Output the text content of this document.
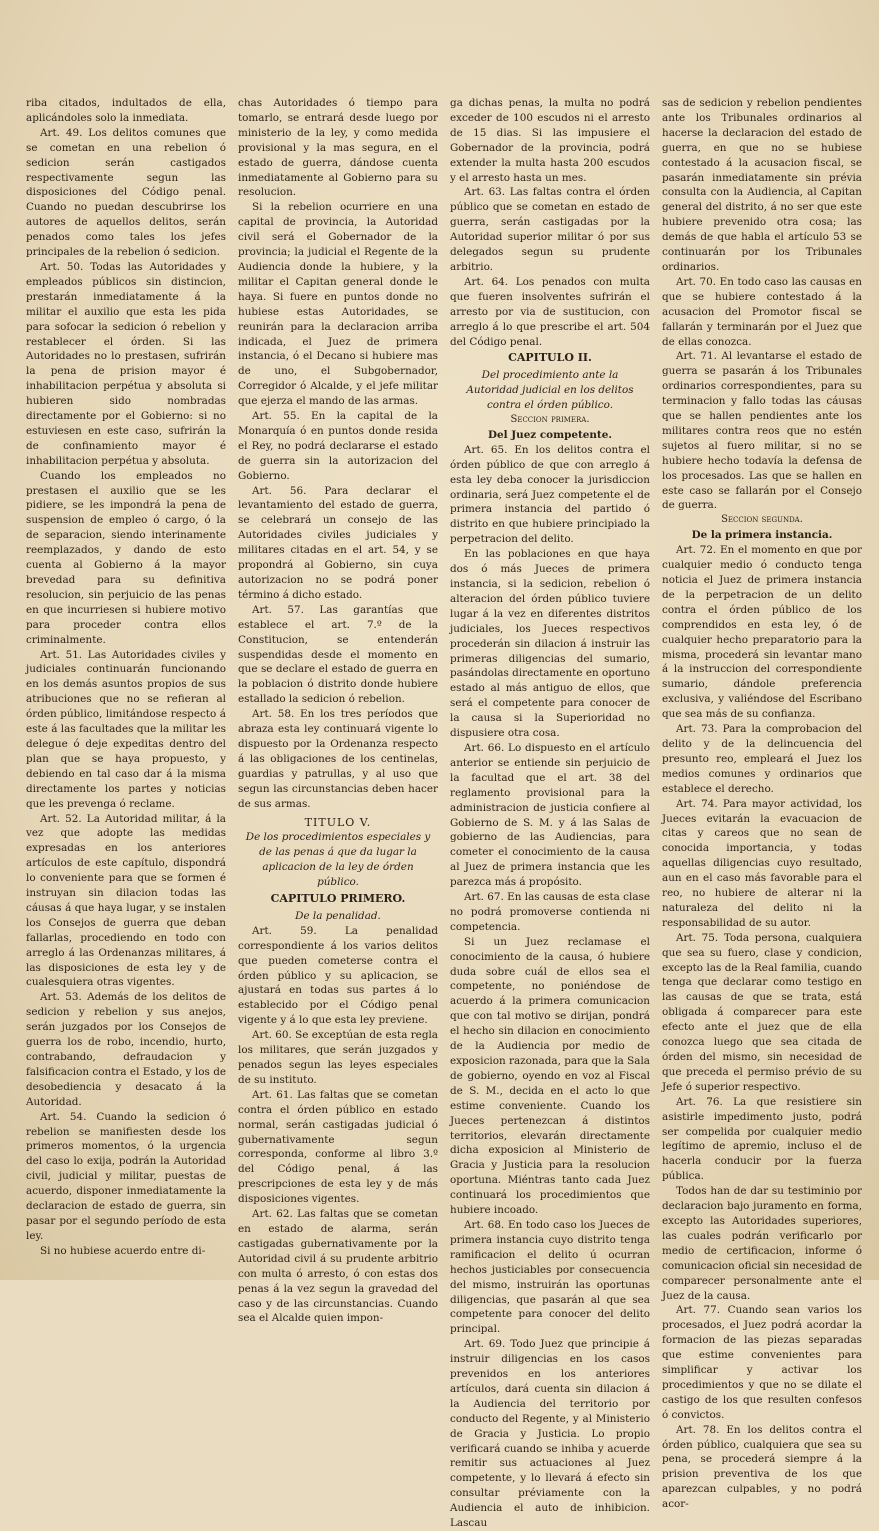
riba citados, indultados de ella, aplicándoles solo la inmediata.

Art. 49. Los delitos comunes que se cometan en una rebelion ó sedicion serán castigados respectivamente segun las disposiciones del Código penal. Cuando no puedan descubrirse los autores de aquellos delitos, serán penados como tales los jefes principales de la rebelion ó sedicion.

Art. 50. Todas las Autoridades y empleados públicos sin distincion, prestarán inmediatamente á la militar el auxilio que esta les pida para sofocar la sedicion ó rebelion y restablecer el órden. Si las Autoridades no lo prestasen, sufrirán la pena de prision mayor é inhabilitacion perpétua y absoluta si hubieren sido nombradas directamente por el Gobierno: si no estuviesen en este caso, sufrirán la de confinamiento mayor é inhabilitacion perpétua y absoluta.

Cuando los empleados no prestasen el auxilio que se les pidiere, se les impondrá la pena de suspension de empleo ó cargo, ó la de separacion, siendo interinamente reemplazados, y dando de esto cuenta al Gobierno á la mayor brevedad para su definitiva resolucion, sin perjuicio de las penas en que incurriesen si hubiere motivo para proceder contra ellos criminalmente.

Art. 51. Las Autoridades civiles y judiciales continuarán funcionando en los demás asuntos propios de sus atribuciones que no se refieran al órden público, limitándose respecto á este á las facultades que la militar les delegue ó deje expeditas dentro del plan que se haya propuesto, y debiendo en tal caso dar á la misma directamente los partes y noticias que les prevenga ó reclame.

Art. 52. La Autoridad militar, á la vez que adopte las medidas expresadas en los anteriores artículos de este capítulo, dispondrá lo conveniente para que se formen é instruyan sin dilacion todas las cáusas á que haya lugar, y se instalen los Consejos de guerra que deban fallarlas, procediendo en todo con arreglo á las Ordenanzas militares, á las disposiciones de esta ley y de cualesquiera otras vigentes.

Art. 53. Además de los delitos de sedicion y rebelion y sus anejos, serán juzgados por los Consejos de guerra los de robo, incendio, hurto, contrabando, defraudacion y falsificacion contra el Estado, y los de desobediencia y desacato á la Autoridad.

Art. 54. Cuando la sedicion ó rebelion se manifiesten desde los primeros momentos, ó la urgencia del caso lo exija, podrán la Autoridad civil, judicial y militar, puestas de acuerdo, disponer inmediatamente la declaracion de estado de guerra, sin pasar por el segundo período de esta ley.

Si no hubiese acuerdo entre di-

chas Autoridades ó tiempo para tomarlo, se entrará desde luego por ministerio de la ley, y como medida provisional y la mas segura, en el estado de guerra, dándose cuenta inmediatamente al Gobierno para su resolucion.

Si la rebelion ocurriere en una capital de provincia, la Autoridad civil será el Gobernador de la provincia; la judicial el Regente de la Audiencia donde la hubiere, y la militar el Capitan general donde le haya. Si fuere en puntos donde no hubiese estas Autoridades, se reunirán para la declaracion arriba indicada, el Juez de primera instancia, ó el Decano si hubiere mas de uno, el Subgobernador, Corregidor ó Alcalde, y el jefe militar que ejerza el mando de las armas.

Art. 55. En la capital de la Monarquía ó en puntos donde resida el Rey, no podrá declararse el estado de guerra sin la autorizacion del Gobierno.

Art. 56. Para declarar el levantamiento del estado de guerra, se celebrará un consejo de las Autoridades civiles judiciales y militares citadas en el art. 54, y se propondrá al Gobierno, sin cuya autorizacion no se podrá poner término á dicho estado.

Art. 57. Las garantías que establece el art. 7.º de la Constitucion, se entenderán suspendidas desde el momento en que se declare el estado de guerra en la poblacion ó distrito donde hubiere estallado la sedicion ó rebelion.

Art. 58. En los tres períodos que abraza esta ley continuará vigente lo dispuesto por la Ordenanza respecto á las obligaciones de los centinelas, guardias y patrullas, y al uso que segun las circunstancias deben hacer de sus armas.

TITULO V.

De los procedimientos especiales y de las penas á que da lugar la aplicacion de la ley de órden público.

CAPITULO PRIMERO.

De la penalidad.

Art. 59. La penalidad correspondiente á los varios delitos que pueden cometerse contra el órden público y su aplicacion, se ajustará en todas sus partes á lo establecido por el Código penal vigente y á lo que esta ley previene.

Art. 60. Se exceptúan de esta regla los militares, que serán juzgados y penados segun las leyes especiales de su instituto.

Art. 61. Las faltas que se cometan contra el órden público en estado normal, serán castigadas judicial ó gubernativamente segun corresponda, conforme al libro 3.º del Código penal, á las prescripciones de esta ley y de más disposiciones vigentes.

Art. 62. Las faltas que se cometan en estado de alarma, serán castigadas gubernativamente por la Autoridad civil á su prudente arbitrio con multa ó arresto, ó con estas dos penas á la vez segun la gravedad del caso y de las circunstancias. Cuando sea el Alcalde quien impon-

ga dichas penas, la multa no podrá exceder de 100 escudos ni el arresto de 15 dias. Si las impusiere el Gobernador de la provincia, podrá extender la multa hasta 200 escudos y el arresto hasta un mes.

Art. 63. Las faltas contra el órden público que se cometan en estado de guerra, serán castigadas por la Autoridad superior militar ó por sus delegados segun su prudente arbitrio.

Art. 64. Los penados con multa que fueren insolventes sufrirán el arresto por via de sustitucion, con arreglo á lo que prescribe el art. 504 del Código penal.

CAPITULO II.

Del procedimiento ante la Autoridad judicial en los delitos contra el órden público.

Seccion primera.

Del Juez competente.

Art. 65. En los delitos contra el órden público de que con arreglo á esta ley deba conocer la jurisdiccion ordinaria, será Juez competente el de primera instancia del partido ó distrito en que hubiere principiado la perpetracion del delito.

En las poblaciones en que haya dos ó más Jueces de primera instancia, si la sedicion, rebelion ó alteracion del órden público tuviere lugar á la vez en diferentes distritos judiciales, los Jueces respectivos procederán sin dilacion á instruir las primeras diligencias del sumario, pasándolas directamente en oportuno estado al más antiguo de ellos, que será el competente para conocer de la causa si la Superioridad no dispusiere otra cosa.

Art. 66. Lo dispuesto en el artículo anterior se entiende sin perjuicio de la facultad que el art. 38 del reglamento provisional para la administracion de justicia confiere al Gobierno de S. M. y á las Salas de gobierno de las Audiencias, para cometer el conocimiento de la causa al Juez de primera instancia que les parezca más á propósito.

Art. 67. En las causas de esta clase no podrá promoverse contienda ni competencia.

Si un Juez reclamase el conocimiento de la causa, ó hubiere duda sobre cuál de ellos sea el competente, no poniéndose de acuerdo á la primera comunicacion que con tal motivo se dirijan, pondrá el hecho sin dilacion en conocimiento de la Audiencia por medio de exposicion razonada, para que la Sala de gobierno, oyendo en voz al Fiscal de S. M., decida en el acto lo que estime conveniente. Cuando los Jueces pertenezcan á distintos territorios, elevarán directamente dicha exposicion al Ministerio de Gracia y Justicia para la resolucion oportuna. Miéntras tanto cada Juez continuará los procedimientos que hubiere incoado.

Art. 68. En todo caso los Jueces de primera instancia cuyo distrito tenga ramificacion el delito ú ocurran hechos justiciables por consecuencia del mismo, instruirán las oportunas diligencias, que pasarán al que sea competente para conocer del delito principal.

Art. 69. Todo Juez que principie á instruir diligencias en los casos prevenidos en los anteriores artículos, dará cuenta sin dilacion á la Audiencia del territorio por conducto del Regente, y al Ministerio de Gracia y Justicia. Lo propio verificará cuando se inhiba y acuerde remitir sus actuaciones al Juez competente, y lo llevará á efecto sin consultar préviamente con la Audiencia el auto de inhibicion. Lascau

sas de sedicion y rebelion pendientes ante los Tribunales ordinarios al hacerse la declaracion del estado de guerra, en que no se hubiese contestado á la acusacion fiscal, se pasarán inmediatamente sin prévia consulta con la Audiencia, al Capitan general del distrito, á no ser que este hubiere prevenido otra cosa; las demás de que habla el artículo 53 se continuarán por los Tribunales ordinarios.

Art. 70. En todo caso las causas en que se hubiere contestado á la acusacion del Promotor fiscal se fallarán y terminarán por el Juez que de ellas conozca.

Art. 71. Al levantarse el estado de guerra se pasarán á los Tribunales ordinarios correspondientes, para su terminacion y fallo todas las cáusas que se hallen pendientes ante los militares contra reos que no estén sujetos al fuero militar, si no se hubiere hecho todavía la defensa de los procesados. Las que se hallen en este caso se fallarán por el Consejo de guerra.

Seccion segunda.

De la primera instancia.

Art. 72. En el momento en que por cualquier medio ó conducto tenga noticia el Juez de primera instancia de la perpetracion de un delito contra el órden público de los comprendidos en esta ley, ó de cualquier hecho preparatorio para la misma, procederá sin levantar mano á la instruccion del correspondiente sumario, dándole preferencia exclusiva, y valiéndose del Escribano que sea más de su confianza.

Art. 73. Para la comprobacion del delito y de la delincuencia del presunto reo, empleará el Juez los medios comunes y ordinarios que establece el derecho.

Art. 74. Para mayor actividad, los Jueces evitarán la evacuacion de citas y careos que no sean de conocida importancia, y todas aquellas diligencias cuyo resultado, aun en el caso más favorable para el reo, no hubiere de alterar ni la naturaleza del delito ni la responsabilidad de su autor.

Art. 75. Toda persona, cualquiera que sea su fuero, clase y condicion, excepto las de la Real familia, cuando tenga que declarar como testigo en las causas de que se trata, está obligada á comparecer para este efecto ante el juez que de ella conozca luego que sea citada de órden del mismo, sin necesidad de que preceda el permiso prévio de su Jefe ó superior respectivo.

Art. 76. La que resistiere sin asistirle impedimento justo, podrá ser compelida por cualquier medio legítimo de apremio, incluso el de hacerla conducir por la fuerza pública.

Todos han de dar su testiminio por declaracion bajo juramento en forma, excepto las Autoridades superiores, las cuales podrán verificarlo por medio de certificacion, informe ó comunicacion oficial sin necesidad de comparecer personalmente ante el Juez de la causa.

Art. 77. Cuando sean varios los procesados, el Juez podrá acordar la formacion de las piezas separadas que estime convenientes para simplificar y activar los procedimientos y que no se dilate el castigo de los que resulten confesos ó convictos.

Art. 78. En los delitos contra el órden público, cualquiera que sea su pena, se procederá siempre á la prision preventiva de los que aparezcan culpables, y no podrá acor-
